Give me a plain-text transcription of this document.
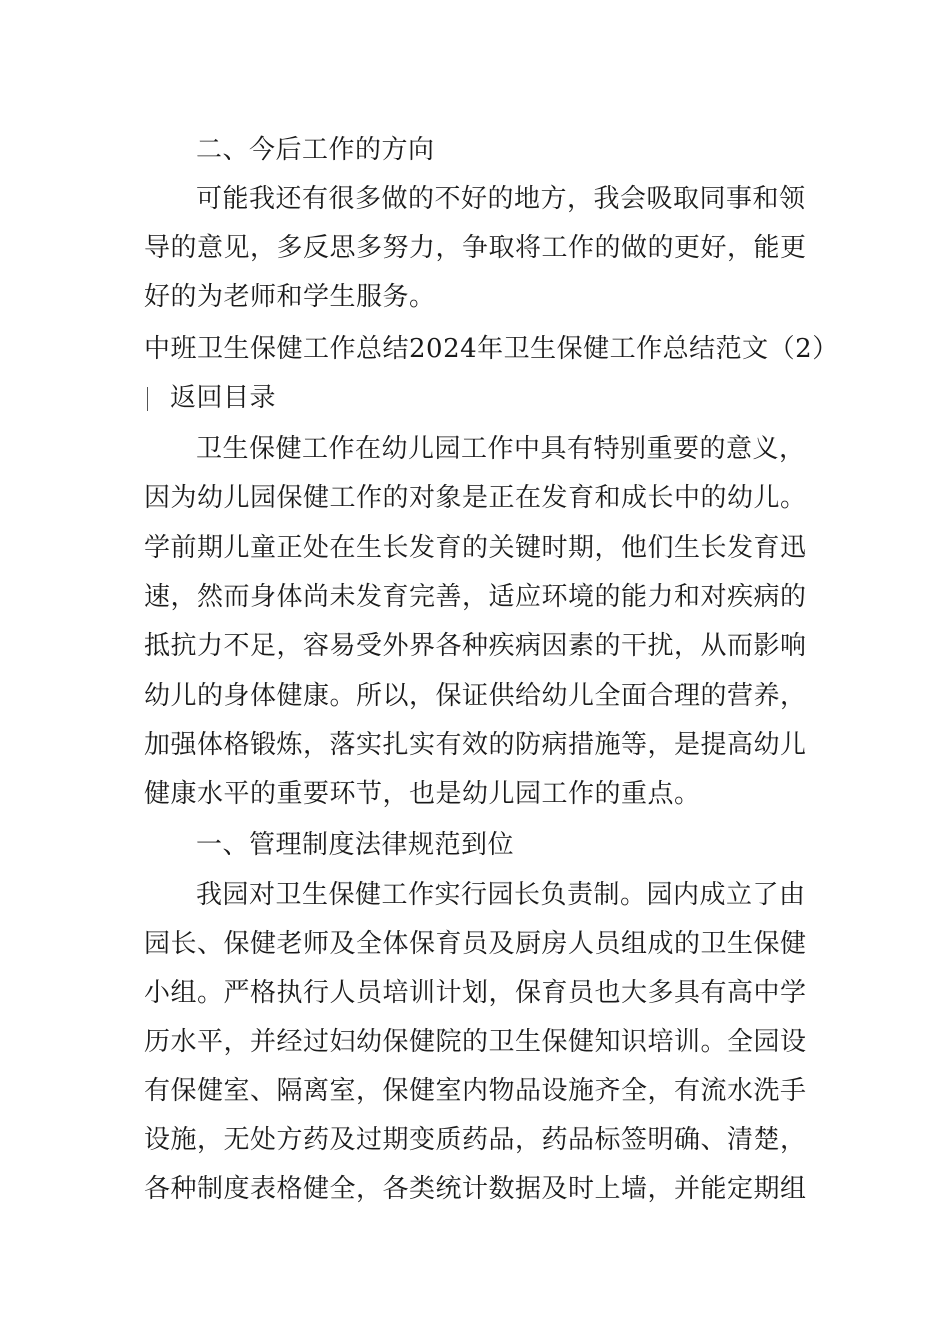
二、今后工作的方向
可能我还有很多做的不好的地方，我会吸取同事和领
导的意见，多反思多努力，争取将工作的做的更好，能更
好的为老师和学生服务。
中班卫生保健工作总结2024年卫生保健工作总结范文（2）
返回目录
卫生保健工作在幼儿园工作中具有特别重要的意义，
因为幼儿园保健工作的对象是正在发育和成长中的幼儿。
学前期儿童正处在生长发育的关键时期，他们生长发育迅
速，然而身体尚未发育完善，适应环境的能力和对疾病的
抵抗力不足，容易受外界各种疾病因素的干扰，从而影响
幼儿的身体健康。所以，保证供给幼儿全面合理的营养，
加强体格锻炼，落实扎实有效的防病措施等，是提高幼儿
健康水平的重要环节，也是幼儿园工作的重点。
一、管理制度法律规范到位
我园对卫生保健工作实行园长负责制。园内成立了由
园长、保健老师及全体保育员及厨房人员组成的卫生保健
小组。严格执行人员培训计划，保育员也大多具有高中学
历水平，并经过妇幼保健院的卫生保健知识培训。全园设
有保健室、隔离室，保健室内物品设施齐全，有流水洗手
设施，无处方药及过期变质药品，药品标签明确、清楚，
各种制度表格健全，各类统计数据及时上墙，并能定期组
